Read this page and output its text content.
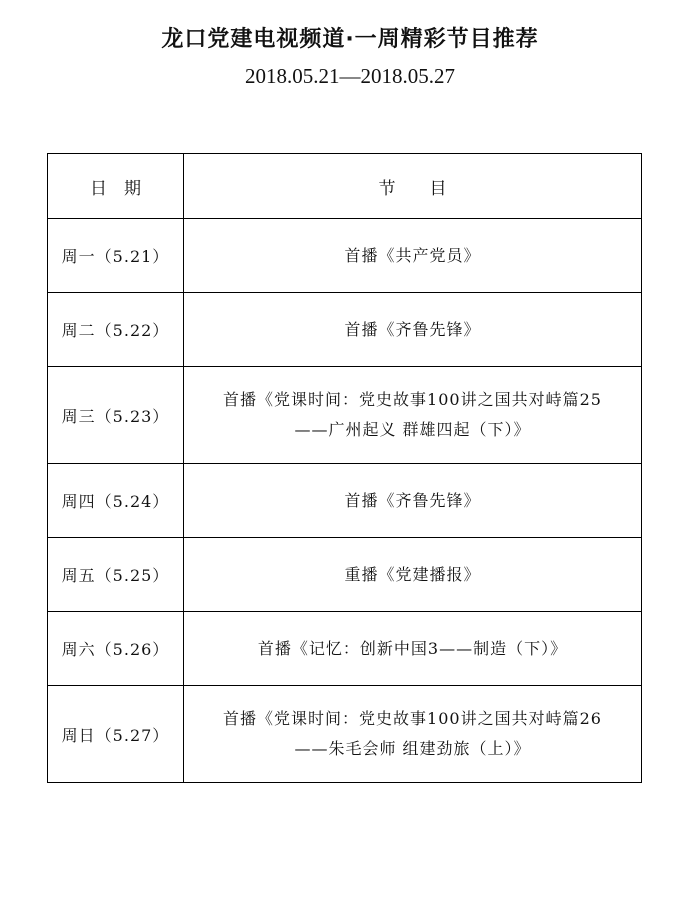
龙口党建电视频道·一周精彩节目推荐
2018.05.21—2018.05.27
日　期	节　　目
周一（5.21）	首播《共产党员》

周二（5.22）	首播《齐鲁先锋》

周三（5.23）	首播《党课时间：党史故事100讲之国共对峙篇25
——广州起义 群雄四起（下）》

周四（5.24）	首播《齐鲁先锋》

周五（5.25）	重播《党建播报》

周六（5.26）	首播《记忆：创新中国3——制造（下）》

周日（5.27）	首播《党课时间：党史故事100讲之国共对峙篇26
——朱毛会师 组建劲旅（上）》
